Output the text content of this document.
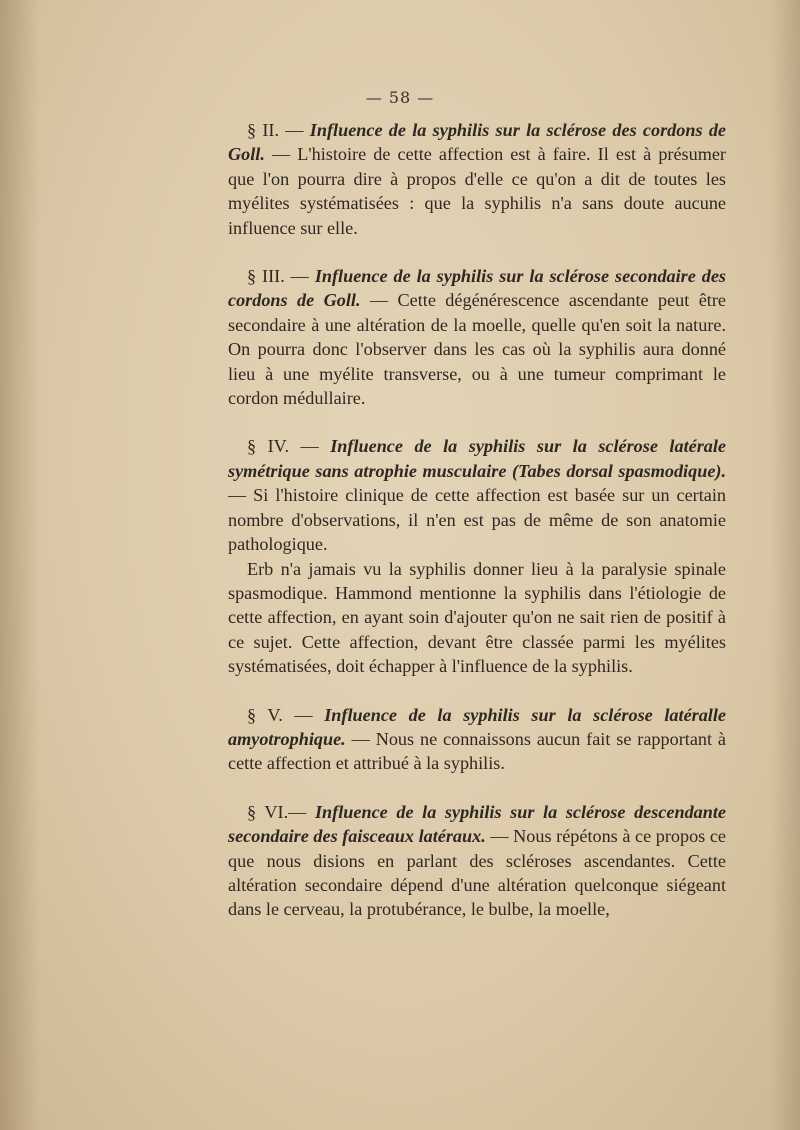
— 58 —

§ II. — Influence de la syphilis sur la sclérose des cordons de Goll. — L'histoire de cette affection est à faire. Il est à présumer que l'on pourra dire à propos d'elle ce qu'on a dit de toutes les myélites systématisées : que la syphilis n'a sans doute aucune influence sur elle.

§ III. — Influence de la syphilis sur la sclérose secondaire des cordons de Goll. — Cette dégénérescence ascendante peut être secondaire à une altération de la moelle, quelle qu'en soit la nature. On pourra donc l'observer dans les cas où la syphilis aura donné lieu à une myélite transverse, ou à une tumeur comprimant le cordon médullaire.

§ IV. — Influence de la syphilis sur la sclérose latérale symétrique sans atrophie musculaire (Tabes dorsal spasmodique). — Si l'histoire clinique de cette affection est basée sur un certain nombre d'observations, il n'en est pas de même de son anatomie pathologique.

Erb n'a jamais vu la syphilis donner lieu à la paralysie spinale spasmodique. Hammond mentionne la syphilis dans l'étiologie de cette affection, en ayant soin d'ajouter qu'on ne sait rien de positif à ce sujet. Cette affection, devant être classée parmi les myélites systématisées, doit échapper à l'influence de la syphilis.

§ V. — Influence de la syphilis sur la sclérose latéralle amyotrophique. — Nous ne connaissons aucun fait se rapportant à cette affection et attribué à la syphilis.

§ VI.— Influence de la syphilis sur la sclérose descendante secondaire des faisceaux latéraux. — Nous répétons à ce propos ce que nous disions en parlant des scléroses ascendantes. Cette altération secondaire dépend d'une altération quelconque siégeant dans le cerveau, la protubérance, le bulbe, la moelle,
